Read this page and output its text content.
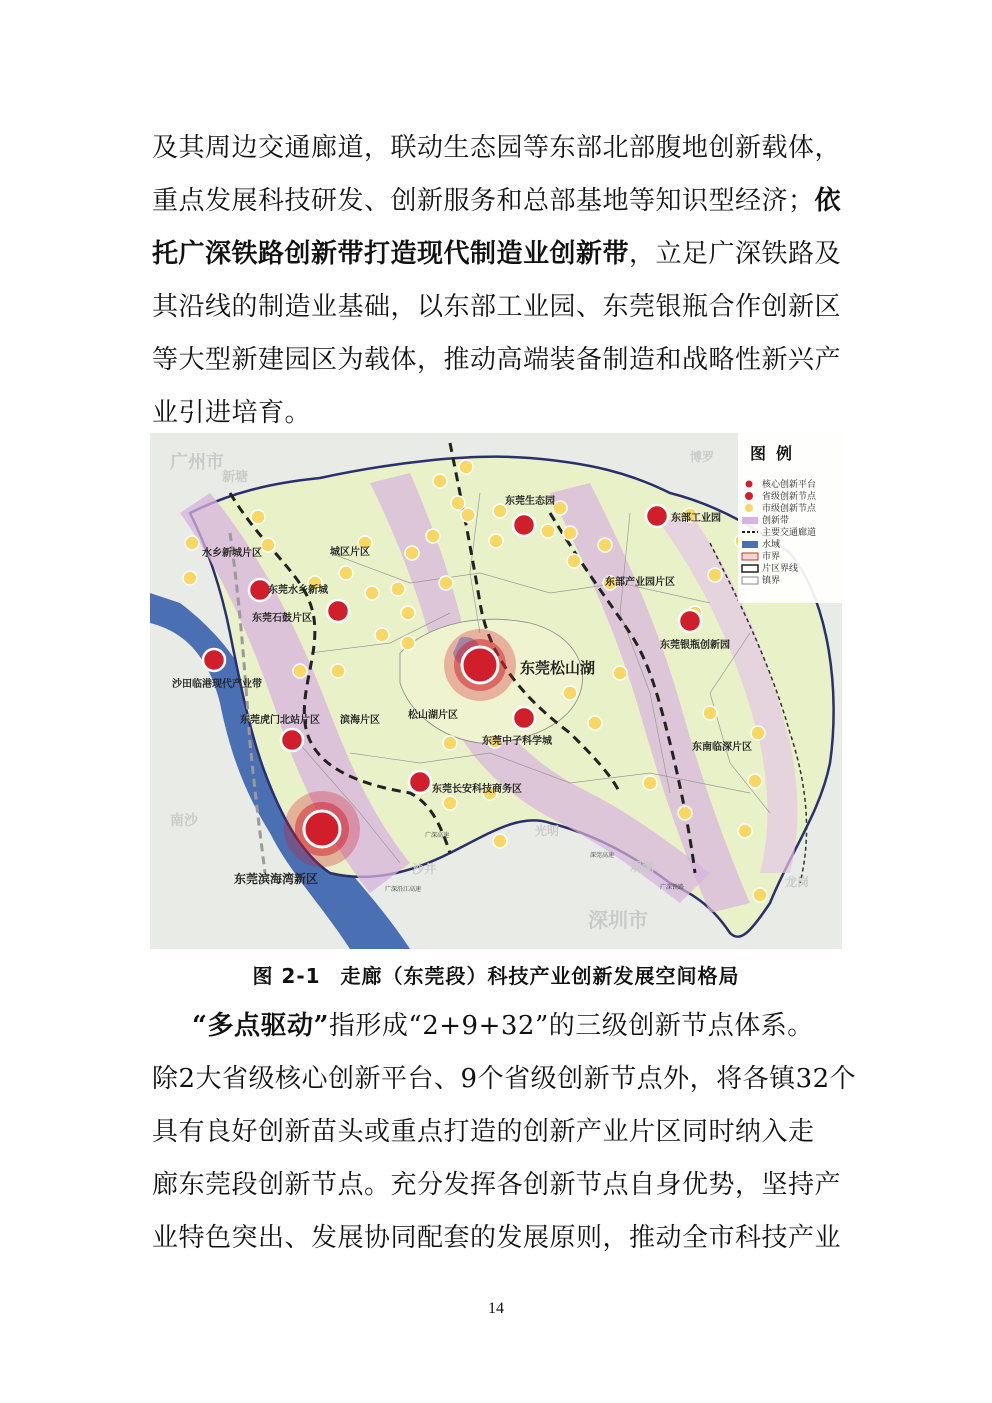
及其周边交通廊道，联动生态园等东部北部腹地创新载体，

重点发展科技研发、创新服务和总部基地等知识型经济；依

托广深铁路创新带打造现代制造业创新带，立足广深铁路及

其沿线的制造业基础，以东部工业园、东莞银瓶合作创新区

等大型新建园区为载体，推动高端装备制造和战略性新兴产

业引进培育。

广州市
新塘
博罗
南沙
光明
观澜
龙岗
沙井
深圳市
东莞松山湖
东莞滨海湾新区
东莞生态园
东部工业园
东莞水乡新城
东莞石鼓片区
沙田临港现代产业带
东莞中子科学城
东莞虎门北站片区
东莞长安科技商务区
东莞银瓶创新园
水乡新城片区	城区片区
东部产业园片区
松山湖片区
滨海片区
东南临深片区
广深高速
深莞高速
广深沿江高速	广深铁路
图例
核心创新平台
省级创新节点
市级创新节点
创新带
主要交通廊道
水域
市界
片区界线
镇界
图 2-1 走廊（东莞段）科技产业创新发展空间格局

  “多点驱动”指形成“2+9+32”的三级创新节点体系。

除2大省级核心创新平台、9个省级创新节点外，将各镇32个

具有良好创新苗头或重点打造的创新产业片区同时纳入走

廊东莞段创新节点。充分发挥各创新节点自身优势，坚持产

业特色突出、发展协同配套的发展原则，推动全市科技产业

14
